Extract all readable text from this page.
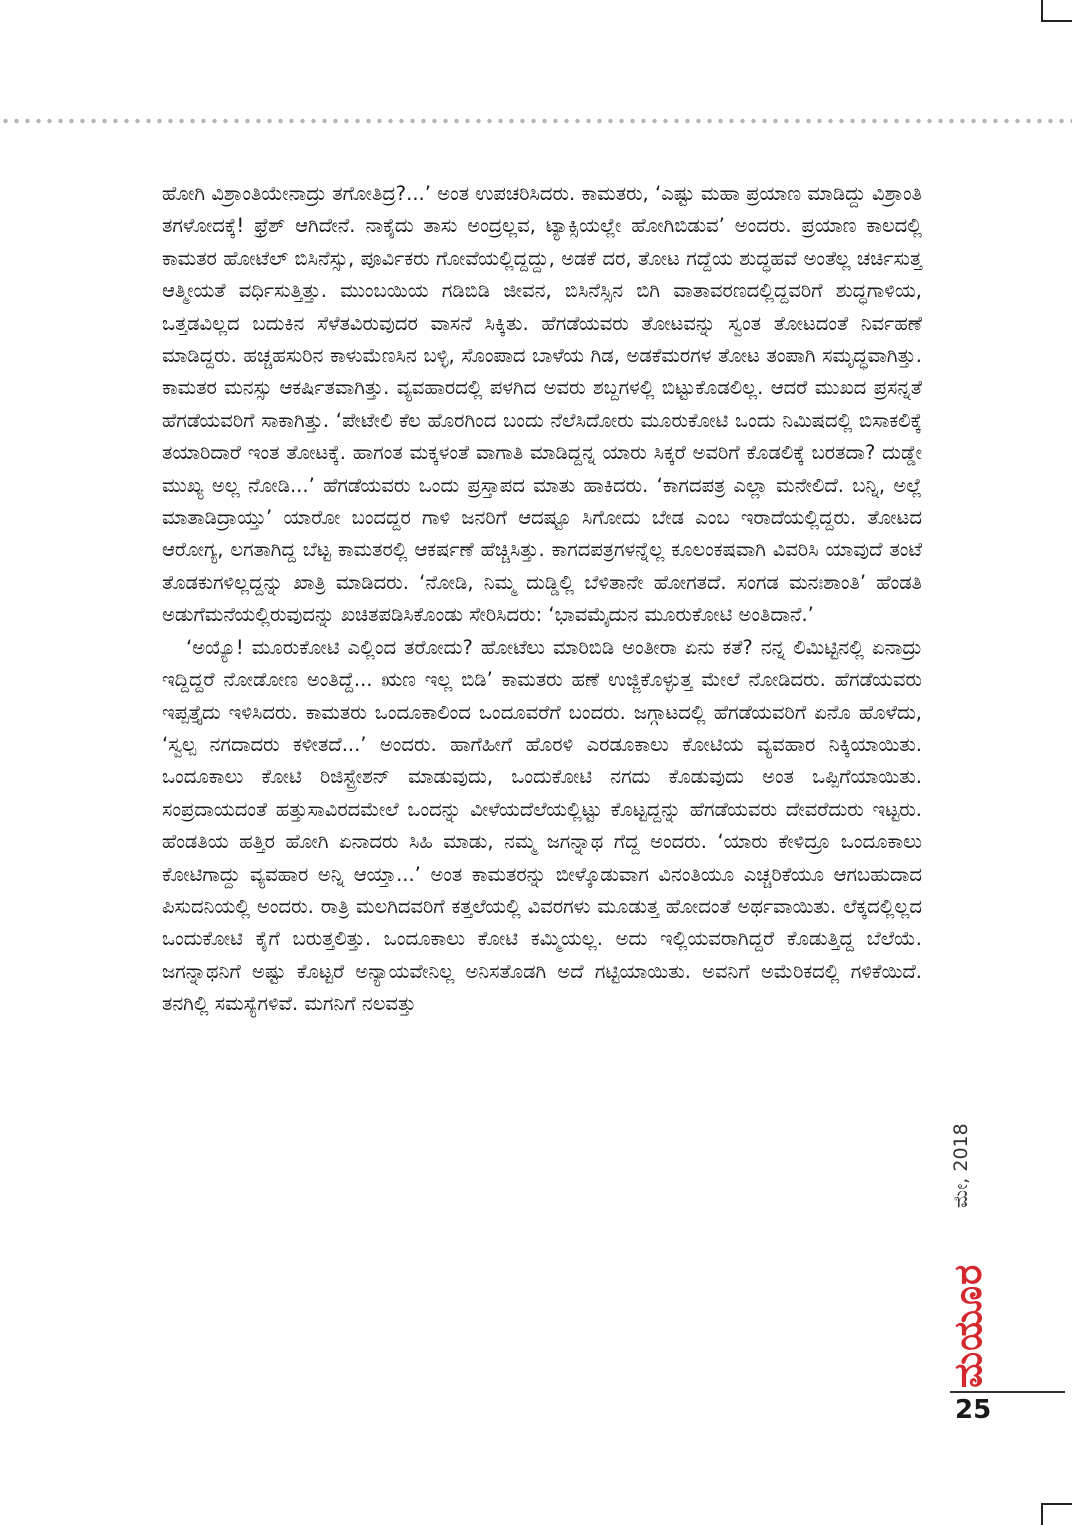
ಹೋಗಿ ವಿಶ್ರಾಂತಿಯೇನಾದ್ರು ತಗೋತಿದ್ರ?...’ ಅಂತ ಉಪಚರಿಸಿದರು. ಕಾಮತರು, ‘ಎಷ್ಟು ಮಹಾ ಪ್ರಯಾಣ ಮಾಡಿದ್ದು ವಿಶ್ರಾಂತಿ ತಗಳೋದಕ್ಕೆ! ಫ್ರೆಶ್ ಆಗಿದೇನೆ. ನಾಕೈದು ತಾಸು ಅಂದ್ರಲ್ಲವ, ಟ್ಯಾಕ್ಸಿಯಲ್ಲೇ ಹೋಗಿಬಿಡುವ’ ಅಂದರು. ಪ್ರಯಾಣ ಕಾಲದಲ್ಲಿ ಕಾಮತರ ಹೋಟೆಲ್ ಬಿಸಿನೆಸ್ಸು, ಪೂರ್ವಿಕರು ಗೋವೆಯಲ್ಲಿದ್ದದ್ದು, ಅಡಕೆ ದರ, ತೋಟ ಗದ್ದೆಯ ಶುದ್ಧಹವೆ ಅಂತೆಲ್ಲ ಚರ್ಚಿಸುತ್ತ ಆತ್ಮೀಯತೆ ವರ್ಧಿಸುತ್ತಿತ್ತು. ಮುಂಬಯಿಯ ಗಡಿಬಿಡಿ ಜೀವನ, ಬಿಸಿನೆಸ್ಸಿನ ಬಿಗಿ ವಾತಾವರಣದಲ್ಲಿದ್ದವರಿಗೆ ಶುದ್ಧಗಾಳಿಯ, ಒತ್ತಡವಿಲ್ಲದ ಬದುಕಿನ ಸೆಳೆತವಿರುವುದರ ವಾಸನೆ ಸಿಕ್ಕಿತು. ಹೆಗಡೆಯವರು ತೋಟವನ್ನು ಸ್ವಂತ ತೋಟದಂತೆ ನಿರ್ವಹಣೆ ಮಾಡಿದ್ದರು. ಹಚ್ಚಹಸುರಿನ ಕಾಳುಮೆಣಸಿನ ಬಳ್ಳಿ, ಸೊಂಪಾದ ಬಾಳೆಯ ಗಿಡ, ಅಡಕೆಮರಗಳ ತೋಟ ತಂಪಾಗಿ ಸಮೃದ್ಧವಾಗಿತ್ತು. ಕಾಮತರ ಮನಸ್ಸು ಆಕರ್ಷಿತವಾಗಿತ್ತು. ವ್ಯವಹಾರದಲ್ಲಿ ಪಳಗಿದ ಅವರು ಶಬ್ದಗಳಲ್ಲಿ ಬಿಟ್ಟುಕೊಡಲಿಲ್ಲ. ಆದರೆ ಮುಖದ ಪ್ರಸನ್ನತೆ ಹೆಗಡೆಯವರಿಗೆ ಸಾಕಾಗಿತ್ತು. ‘ಪೇಟೇಲಿ ಕೆಲ ಹೊರಗಿಂದ ಬಂದು ನೆಲೆಸಿದೋರು ಮೂರುಕೋಟಿ ಒಂದು ನಿಮಿಷದಲ್ಲಿ ಬಿಸಾಕಲಿಕ್ಕೆ ತಯಾರಿದಾರೆ ಇಂತ ತೋಟಕ್ಕೆ. ಹಾಗಂತ ಮಕ್ಕಳಂತೆ ವಾಗಾತಿ ಮಾಡಿದ್ದನ್ನ ಯಾರು ಸಿಕ್ಕರೆ ಅವರಿಗೆ ಕೊಡಲಿಕ್ಕೆ ಬರತದಾ? ದುಡ್ಡೇ ಮುಖ್ಯ ಅಲ್ಲ ನೋಡಿ...’ ಹೆಗಡೆಯವರು ಒಂದು ಪ್ರಸ್ತಾಪದ ಮಾತು ಹಾಕಿದರು. ‘ಕಾಗದಪತ್ರ ಎಲ್ಲಾ ಮನೇಲಿದೆ. ಬನ್ನಿ, ಅಲ್ಲೆ ಮಾತಾಡಿದ್ರಾಯ್ತು’ ಯಾರೋ ಬಂದದ್ದರ ಗಾಳಿ ಜನರಿಗೆ ಆದಷ್ಟೂ ಸಿಗೋದು ಬೇಡ ಎಂಬ ಇರಾದೆಯಲ್ಲಿದ್ದರು. ತೋಟದ ಆರೋಗ್ಯ, ಲಗತಾಗಿದ್ದ ಬೆಟ್ಟ ಕಾಮತರಲ್ಲಿ ಆಕರ್ಷಣೆ ಹೆಚ್ಚಿಸಿತ್ತು. ಕಾಗದಪತ್ರಗಳನ್ನೆಲ್ಲ ಕೂಲಂಕಷವಾಗಿ ವಿವರಿಸಿ ಯಾವುದೆ ತಂಟೆ ತೊಡಕುಗಳಿಲ್ಲದ್ದನ್ನು ಖಾತ್ರಿ ಮಾಡಿದರು. ‘ನೋಡಿ, ನಿಮ್ಮ ದುಡ್ಡಿಲ್ಲಿ ಬೆಳಿತಾನೇ ಹೋಗತದೆ. ಸಂಗಡ ಮನಃಶಾಂತಿ’ ಹೆಂಡತಿ ಅಡುಗೆಮನೆಯಲ್ಲಿರುವುದನ್ನು ಖಚಿತಪಡಿಸಿಕೊಂಡು ಸೇರಿಸಿದರು: ‘ಭಾವಮೈದುನ ಮೂರುಕೋಟಿ ಅಂತಿದಾನೆ.’

‘ಅಯ್ಯೊ! ಮೂರುಕೋಟಿ ಎಲ್ಲಿಂದ ತರೋದು? ಹೋಟೆಲು ಮಾರಿಬಿಡಿ ಅಂತೀರಾ ಏನು ಕತೆ? ನನ್ನ ಲಿಮಿಟ್ಟಿನಲ್ಲಿ ಏನಾದ್ರು ಇದ್ದಿದ್ದರೆ ನೋಡೋಣ ಅಂತಿದ್ದೆ... ಋಣ ಇಲ್ಲ ಬಿಡಿ’ ಕಾಮತರು ಹಣೆ ಉಜ್ಜಿಕೊಳ್ಳುತ್ತ ಮೇಲೆ ನೋಡಿದರು. ಹೆಗಡೆಯವರು ಇಪ್ಪತ್ತೈದು ಇಳಿಸಿದರು. ಕಾಮತರು ಒಂದೂಕಾಲಿಂದ ಒಂದೂವರೆಗೆ ಬಂದರು. ಜಗ್ಗಾಟದಲ್ಲಿ ಹೆಗಡೆಯವರಿಗೆ ಏನೊ ಹೊಳೆದು, ‘ಸ್ವಲ್ಪ ನಗದಾದರು ಕಳೀತದೆ...’ ಅಂದರು. ಹಾಗೆಹೀಗೆ ಹೊರಳಿ ಎರಡೂಕಾಲು ಕೋಟಿಯ ವ್ಯವಹಾರ ನಿಕ್ಕಿಯಾಯಿತು. ಒಂದೂಕಾಲು ಕೋಟಿ ರಿಜಿಸ್ಟ್ರೇಶನ್ ಮಾಡುವುದು, ಒಂದುಕೋಟಿ ನಗದು ಕೊಡುವುದು ಅಂತ ಒಪ್ಪಿಗೆಯಾಯಿತು. ಸಂಪ್ರದಾಯದಂತೆ ಹತ್ತುಸಾವಿರದಮೇಲೆ ಒಂದನ್ನು ವೀಳೆಯದೆಲೆಯಲ್ಲಿಟ್ಟು ಕೊಟ್ಟದ್ದನ್ನು ಹೆಗಡೆಯವರು ದೇವರೆದುರು ಇಟ್ಟರು. ಹೆಂಡತಿಯ ಹತ್ತಿರ ಹೋಗಿ ಏನಾದರು ಸಿಹಿ ಮಾಡು, ನಮ್ಮ ಜಗನ್ನಾಥ ಗೆದ್ದ ಅಂದರು. ‘ಯಾರು ಕೇಳಿದ್ರೂ ಒಂದೂಕಾಲು ಕೋಟಿಗಾದ್ದು ವ್ಯವಹಾರ ಅನ್ನಿ ಆಯ್ತಾ...’ ಅಂತ ಕಾಮತರನ್ನು ಬೀಳ್ಕೊಡುವಾಗ ವಿನಂತಿಯೂ ಎಚ್ಚರಿಕೆಯೂ ಆಗಬಹುದಾದ ಪಿಸುದನಿಯಲ್ಲಿ ಅಂದರು. ರಾತ್ರಿ ಮಲಗಿದವರಿಗೆ ಕತ್ತಲೆಯಲ್ಲಿ ವಿವರಗಳು ಮೂಡುತ್ತ ಹೋದಂತೆ ಅರ್ಥವಾಯಿತು. ಲೆಕ್ಕದಲ್ಲಿಲ್ಲದ ಒಂದುಕೋಟಿ ಕೈಗೆ ಬರುತ್ತಲಿತ್ತು. ಒಂದೂಕಾಲು ಕೋಟಿ ಕಮ್ಮಿಯಲ್ಲ. ಅದು ಇಲ್ಲಿಯವರಾಗಿದ್ದರೆ ಕೊಡುತ್ತಿದ್ದ ಬೆಲೆಯೆ. ಜಗನ್ನಾಥನಿಗೆ ಅಷ್ಟು ಕೊಟ್ಟರೆ ಅನ್ಯಾಯವೇನಿಲ್ಲ ಅನಿಸತೊಡಗಿ ಅದೆ ಗಟ್ಟಿಯಾಯಿತು. ಅವನಿಗೆ ಅಮೆರಿಕದಲ್ಲಿ ಗಳಿಕೆಯಿದೆ. ತನಗಿಲ್ಲಿ ಸಮಸ್ಯೆಗಳಿವೆ. ಮಗನಿಗೆ ನಲವತ್ತು

ಮೇ, 2018
ಮಯೂರ
25
